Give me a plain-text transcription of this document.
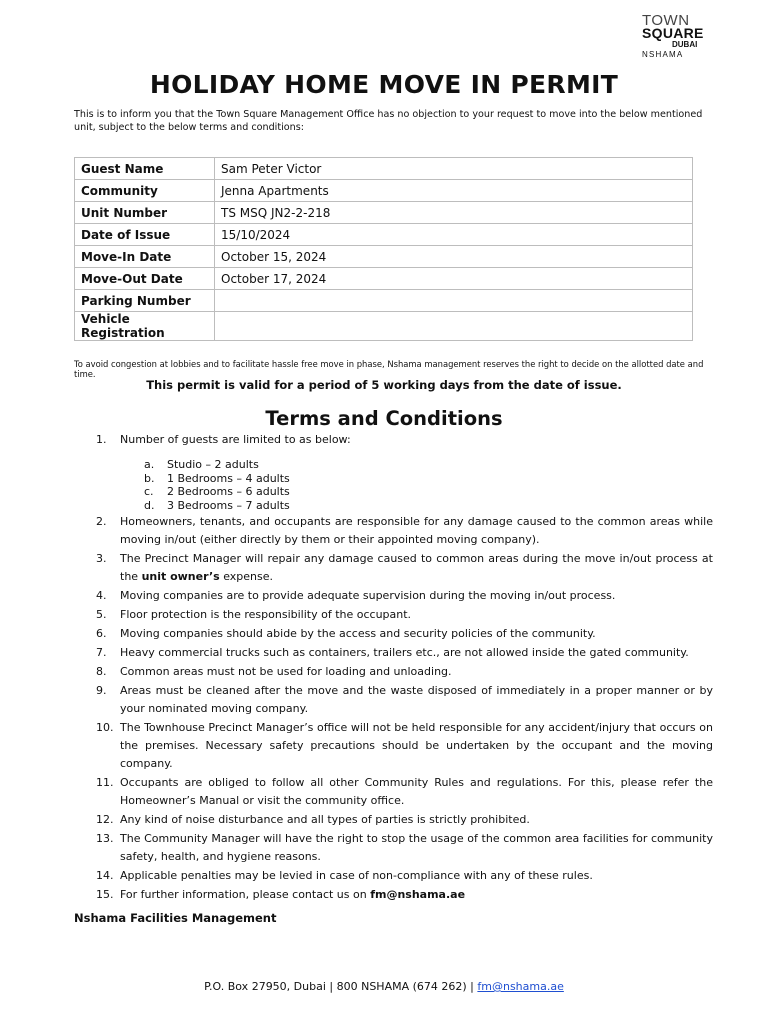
TOWN
SQUARE
DUBAI
NSHAMA
HOLIDAY HOME MOVE IN PERMIT
This is to inform you that the Town Square Management Office has no objection to your request to move into the below mentioned unit, subject to the below terms and conditions:
Guest Name	Sam Peter Victor
Community	Jenna Apartments
Unit Number	TS MSQ JN2-2-218
Date of Issue	15/10/2024
Move-In Date	October 15, 2024
Move-Out Date	October 17, 2024
Parking Number	
Vehicle Registration	
To avoid congestion at lobbies and to facilitate hassle free move in phase, Nshama management reserves the right to decide on the allotted date and time.
This permit is valid for a period of 5 working days from the date of issue.
Terms and Conditions
1.	Number of guests are limited to as below:
a. Studio – 2 adults
b. 1 Bedrooms – 4 adults
c. 2 Bedrooms – 6 adults
d. 3 Bedrooms – 7 adults
2.	Homeowners, tenants, and occupants are responsible for any damage caused to the common areas while moving in/out (either directly by them or their appointed moving company).
3.	The Precinct Manager will repair any damage caused to common areas during the move in/out process at the unit owner’s expense.
4.	Moving companies are to provide adequate supervision during the moving in/out process.
5.	Floor protection is the responsibility of the occupant.
6.	Moving companies should abide by the access and security policies of the community.
7.	Heavy commercial trucks such as containers, trailers etc., are not allowed inside the gated community.
8.	Common areas must not be used for loading and unloading.
9.	Areas must be cleaned after the move and the waste disposed of immediately in a proper manner or by your nominated moving company.
10. The Townhouse Precinct Manager’s office will not be held responsible for any accident/injury that occurs on the premises. Necessary safety precautions should be undertaken by the occupant and the moving company.
11. Occupants are obliged to follow all other Community Rules and regulations. For this, please refer the Homeowner’s Manual or visit the community office.
12. Any kind of noise disturbance and all types of parties is strictly prohibited.
13. The Community Manager will have the right to stop the usage of the common area facilities for community safety, health, and hygiene reasons.
14. Applicable penalties may be levied in case of non-compliance with any of these rules.
15. For further information, please contact us on fm@nshama.ae
Nshama Facilities Management
P.O. Box 27950, Dubai | 800 NSHAMA (674 262) | fm@nshama.ae
